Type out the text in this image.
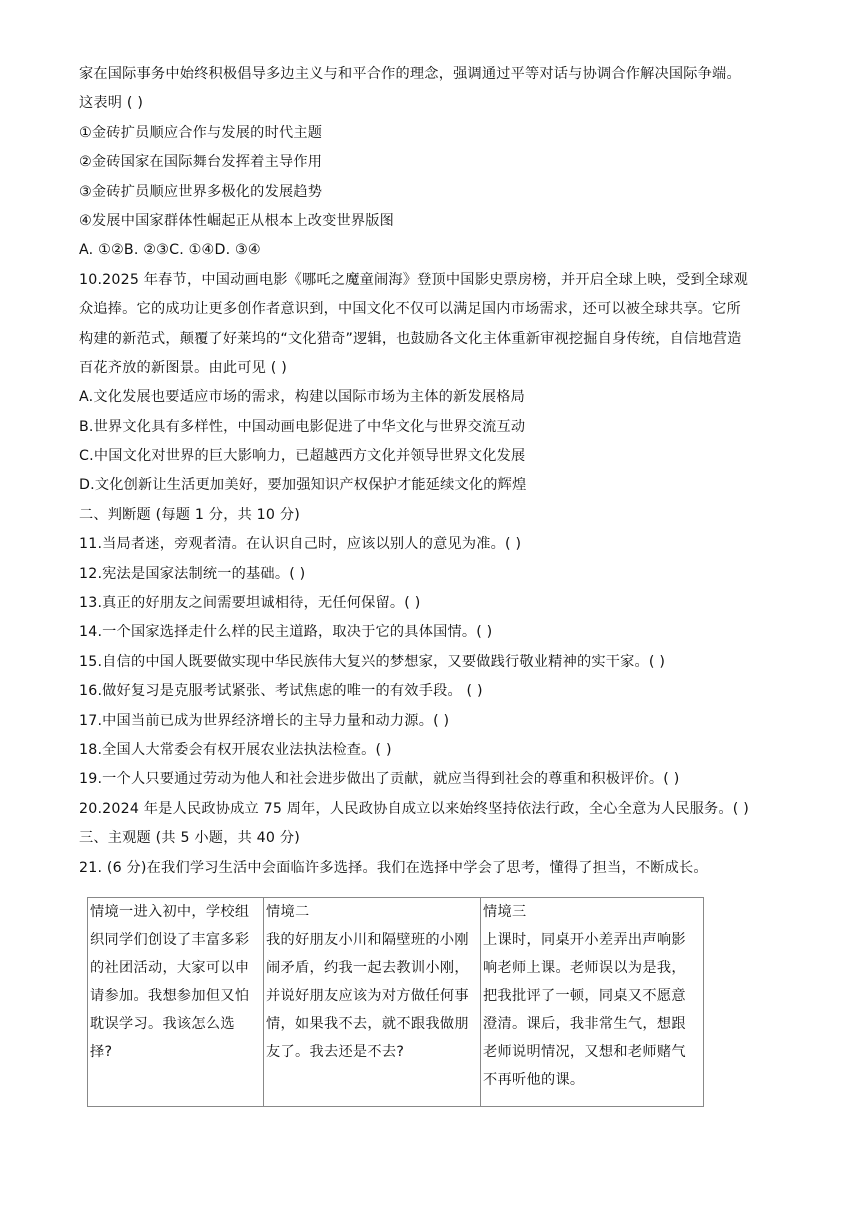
家在国际事务中始终积极倡导多边主义与和平合作的理念，强调通过平等对话与协调合作解决国际争端。
这表明 ( )
①金砖扩员顺应合作与发展的时代主题
②金砖国家在国际舞台发挥着主导作用
③金砖扩员顺应世界多极化的发展趋势
④发展中国家群体性崛起正从根本上改变世界版图
A. ①②B. ②③C. ①④D. ③④
10.2025 年春节，中国动画电影《哪吒之魔童闹海》登顶中国影史票房榜，并开启全球上映，受到全球观
众追捧。它的成功让更多创作者意识到，中国文化不仅可以满足国内市场需求，还可以被全球共享。它所
构建的新范式，颠覆了好莱坞的“文化猎奇”逻辑，也鼓励各文化主体重新审视挖掘自身传统，自信地营造
百花齐放的新图景。由此可见 ( )
A.文化发展也要适应市场的需求，构建以国际市场为主体的新发展格局
B.世界文化具有多样性，中国动画电影促进了中华文化与世界交流互动
C.中国文化对世界的巨大影响力，已超越西方文化并领导世界文化发展
D.文化创新让生活更加美好，要加强知识产权保护才能延续文化的辉煌
二、判断题 (每题 1 分，共 10 分)
11.当局者迷，旁观者清。在认识自己时，应该以别人的意见为准。( )
12.宪法是国家法制统一的基础。( )
13.真正的好朋友之间需要坦诚相待，无任何保留。( )
14.一个国家选择走什么样的民主道路，取决于它的具体国情。( )
15.自信的中国人既要做实现中华民族伟大复兴的梦想家，又要做践行敬业精神的实干家。( )
16.做好复习是克服考试紧张、考试焦虑的唯一的有效手段。 ( )
17.中国当前已成为世界经济增长的主导力量和动力源。( )
18.全国人大常委会有权开展农业法执法检查。( )
19.一个人只要通过劳动为他人和社会进步做出了贡献，就应当得到社会的尊重和积极评价。( )
20.2024 年是人民政协成立 75 周年，人民政协自成立以来始终坚持依法行政，全心全意为人民服务。( )
三、主观题 (共 5 小题，共 40 分)
21. (6 分)在我们学习生活中会面临许多选择。我们在选择中学会了思考，懂得了担当，不断成长。
情境一进入初中，学校组
织同学们创设了丰富多彩
的社团活动，大家可以申
请参加。我想参加但又怕
耽误学习。我该怎么选
择?

情境二
我的好朋友小川和隔壁班的小刚
闹矛盾，约我一起去教训小刚，
并说好朋友应该为对方做任何事
情，如果我不去，就不跟我做朋
友了。我去还是不去?

情境三
上课时，同桌开小差弄出声响影
响老师上课。老师误以为是我，
把我批评了一顿，同桌又不愿意
澄清。课后，我非常生气，想跟
老师说明情况，又想和老师赌气
不再听他的课。
